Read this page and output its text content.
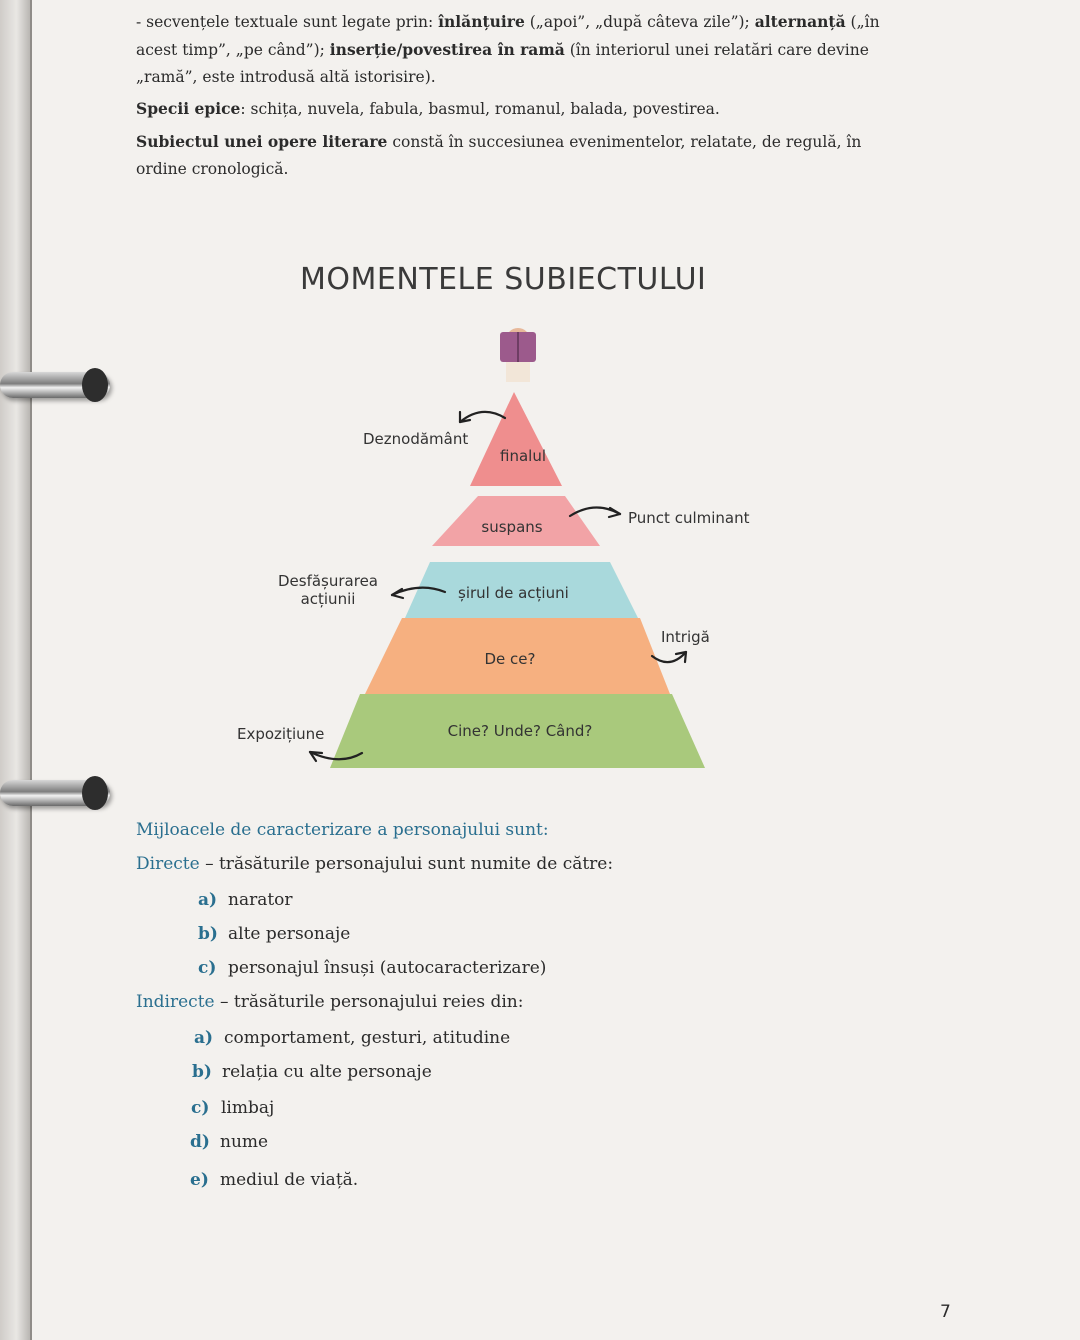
- secvențele textuale sunt legate prin: înlănțuire („apoi”, „după câteva zile”); alternanță („în acest timp”, „pe când”); inserție/povestirea în ramă (în interiorul unei relatări care devine „ramă”, este introdusă altă istorisire).

Specii epice: schița, nuvela, fabula, basmul, romanul, balada, povestirea.

Subiectul unei opere literare constă în succesiunea evenimentelor, relatate, de regulă, în ordine cronologică.

MOMENTELE SUBIECTULUI
Deznodământ
finalul
suspans	Punct culminant
Desfășurarea
acțiunii	șirul de acțiuni
De ce?
Intrigă
Expozițiune	Cine? Unde? Când?
Mijloacele de caracterizare a personajului sunt:
Directe – trăsăturile personajului sunt numite de către:
a) narator
b) alte personaje
c) personajul însuși (autocaracterizare)
Indirecte – trăsăturile personajului reies din:
a) comportament, gesturi, atitudine
b) relația cu alte personaje
c) limbaj
d) nume
e) mediul de viață.
7
